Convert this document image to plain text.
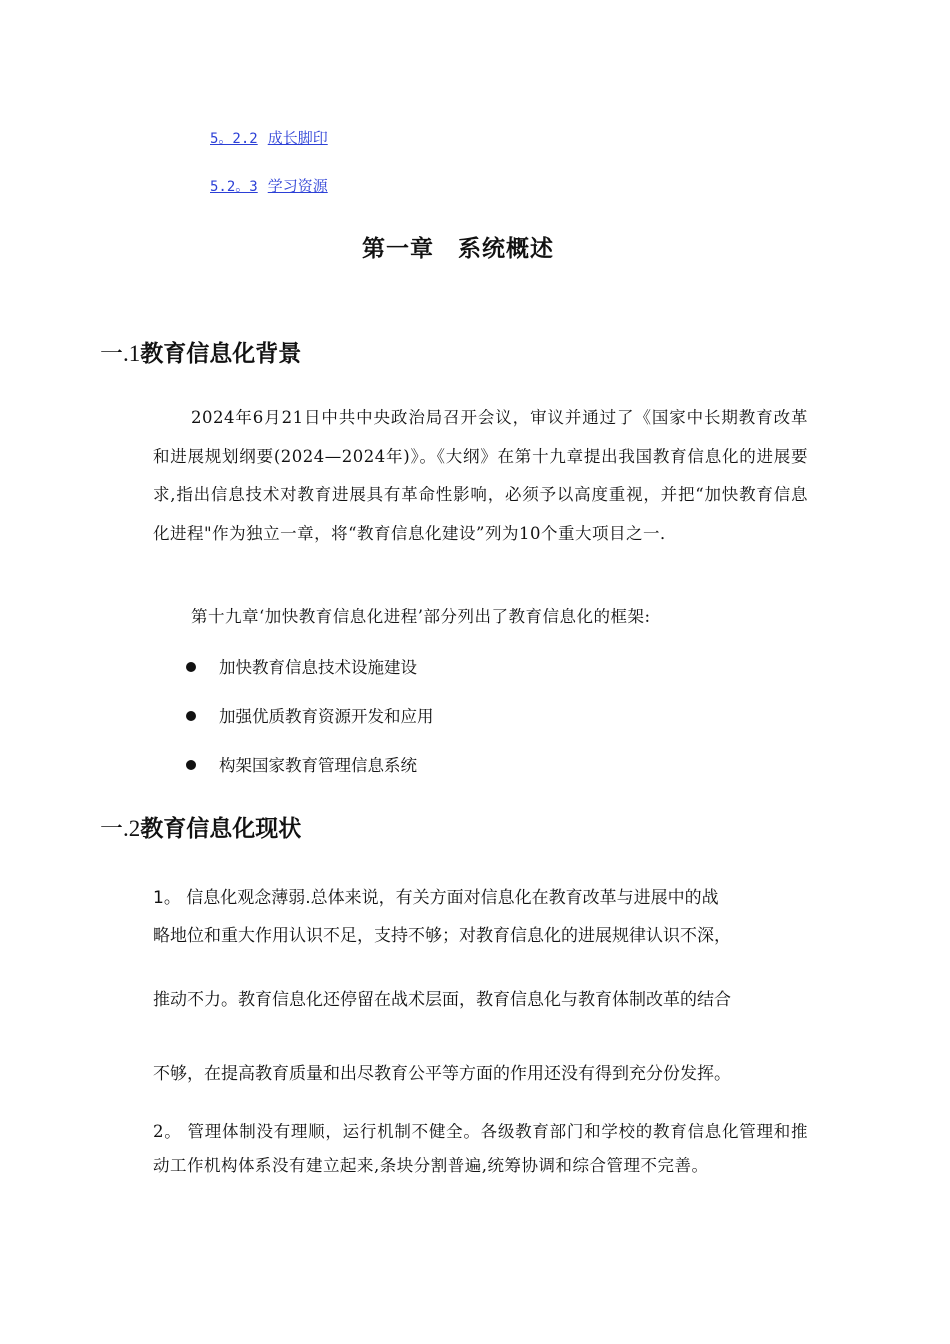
5。2.2 成长脚印
5.2。3 学习资源
第一章　系统概述
一.1教育信息化背景
2024年6月21日中共中央政治局召开会议，审议并通过了《国家中长期教育改革和进展规划纲要(2024—2024年)》。《大纲》在第十九章提出我国教育信息化的进展要求,指出信息技术对教育进展具有革命性影响，必须予以高度重视，并把“加快教育信息化进程"作为独立一章，将“教育信息化建设”列为10个重大项目之一．
第十九章‘加快教育信息化进程’部分列出了教育信息化的框架:
加快教育信息技术设施建设
加强优质教育资源开发和应用
构架国家教育管理信息系统
一.2教育信息化现状
1。 信息化观念薄弱.总体来说，有关方面对信息化在教育改革与进展中的战
略地位和重大作用认识不足，支持不够；对教育信息化的进展规律认识不深，
推动不力。教育信息化还停留在战术层面，教育信息化与教育体制改革的结合
不够，在提高教育质量和出尽教育公平等方面的作用还没有得到充分份发挥。
2。 管理体制没有理顺，运行机制不健全。各级教育部门和学校的教育信息化管理和推动工作机构体系没有建立起来,条块分割普遍,统筹协调和综合管理不完善。
